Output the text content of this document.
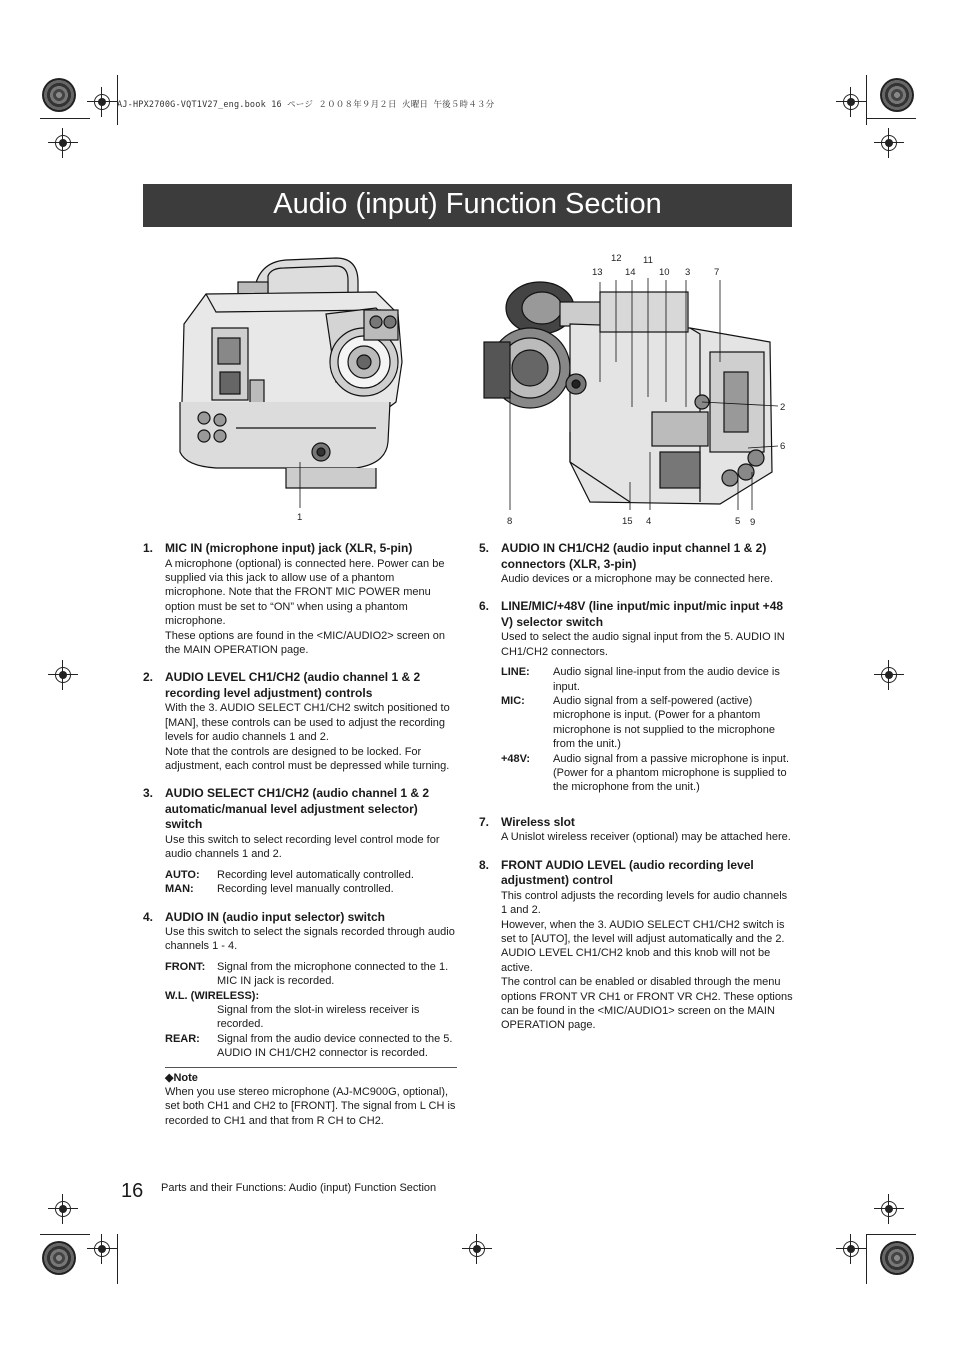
AJ-HPX2700G-VQT1V27_eng.book 16 ページ ２００８年９月２日 火曜日 午後５時４３分
Audio (input) Function Section
1
12 11
13 14 10 3 7
2
6
8	15 4	5 9
1. MIC IN (microphone input) jack (XLR, 5-pin)

A microphone (optional) is connected here. Power can be supplied via this jack to allow use of a phantom microphone. Note that the FRONT MIC POWER menu option must be set to “ON” when using a phantom microphone.

These options are found in the <MIC/AUDIO2> screen on the MAIN OPERATION page.

2. AUDIO LEVEL CH1/CH2 (audio channel 1 & 2 recording level adjustment) controls

With the 3. AUDIO SELECT CH1/CH2 switch positioned to [MAN], these controls can be used to adjust the recording levels for audio channels 1 and 2.

Note that the controls are designed to be locked. For adjustment, each control must be depressed while turning.

3. AUDIO SELECT CH1/CH2 (audio channel 1 & 2 automatic/manual level adjustment selector) switch

Use this switch to select recording level control mode for audio channels 1 and 2.

AUTO:	Recording level automatically controlled.
MAN:	Recording level manually controlled.
4. AUDIO IN (audio input selector) switch

Use this switch to select the signals recorded through audio channels 1 - 4.

FRONT:	Signal from the microphone connected to the 1. MIC IN jack is recorded.
W.L. (WIRELESS):
Signal from the slot-in wireless receiver is recorded.
REAR:	Signal from the audio device connected to the 5. AUDIO IN CH1/CH2 connector is recorded.
◆Note

When you use stereo microphone (AJ-MC900G, optional), set both CH1 and CH2 to [FRONT]. The signal from L CH is recorded to CH1 and that from R CH to CH2.

5. AUDIO IN CH1/CH2 (audio input channel 1 & 2) connectors (XLR, 3-pin)

Audio devices or a microphone may be connected here.

6. LINE/MIC/+48V (line input/mic input/mic input +48 V) selector switch

Used to select the audio signal input from the 5. AUDIO IN CH1/CH2 connectors.

LINE:	Audio signal line-input from the audio device is input.
MIC:	Audio signal from a self-powered (active) microphone is input. (Power for a phantom microphone is not supplied to the microphone from the unit.)
+48V:	Audio signal from a passive microphone is input. (Power for a phantom microphone is supplied to the microphone from the unit.)
7. Wireless slot

A Unislot wireless receiver (optional) may be attached here.

8. FRONT AUDIO LEVEL (audio recording level adjustment) control

This control adjusts the recording levels for audio channels 1 and 2.

However, when the 3. AUDIO SELECT CH1/CH2 switch is set to [AUTO], the level will adjust automatically and the 2. AUDIO LEVEL CH1/CH2 knob and this knob will not be active.

The control can be enabled or disabled through the menu options FRONT VR CH1 or FRONT VR CH2. These options can be found in the <MIC/AUDIO1> screen on the MAIN OPERATION page.

16 Parts and their Functions: Audio (input) Function Section
